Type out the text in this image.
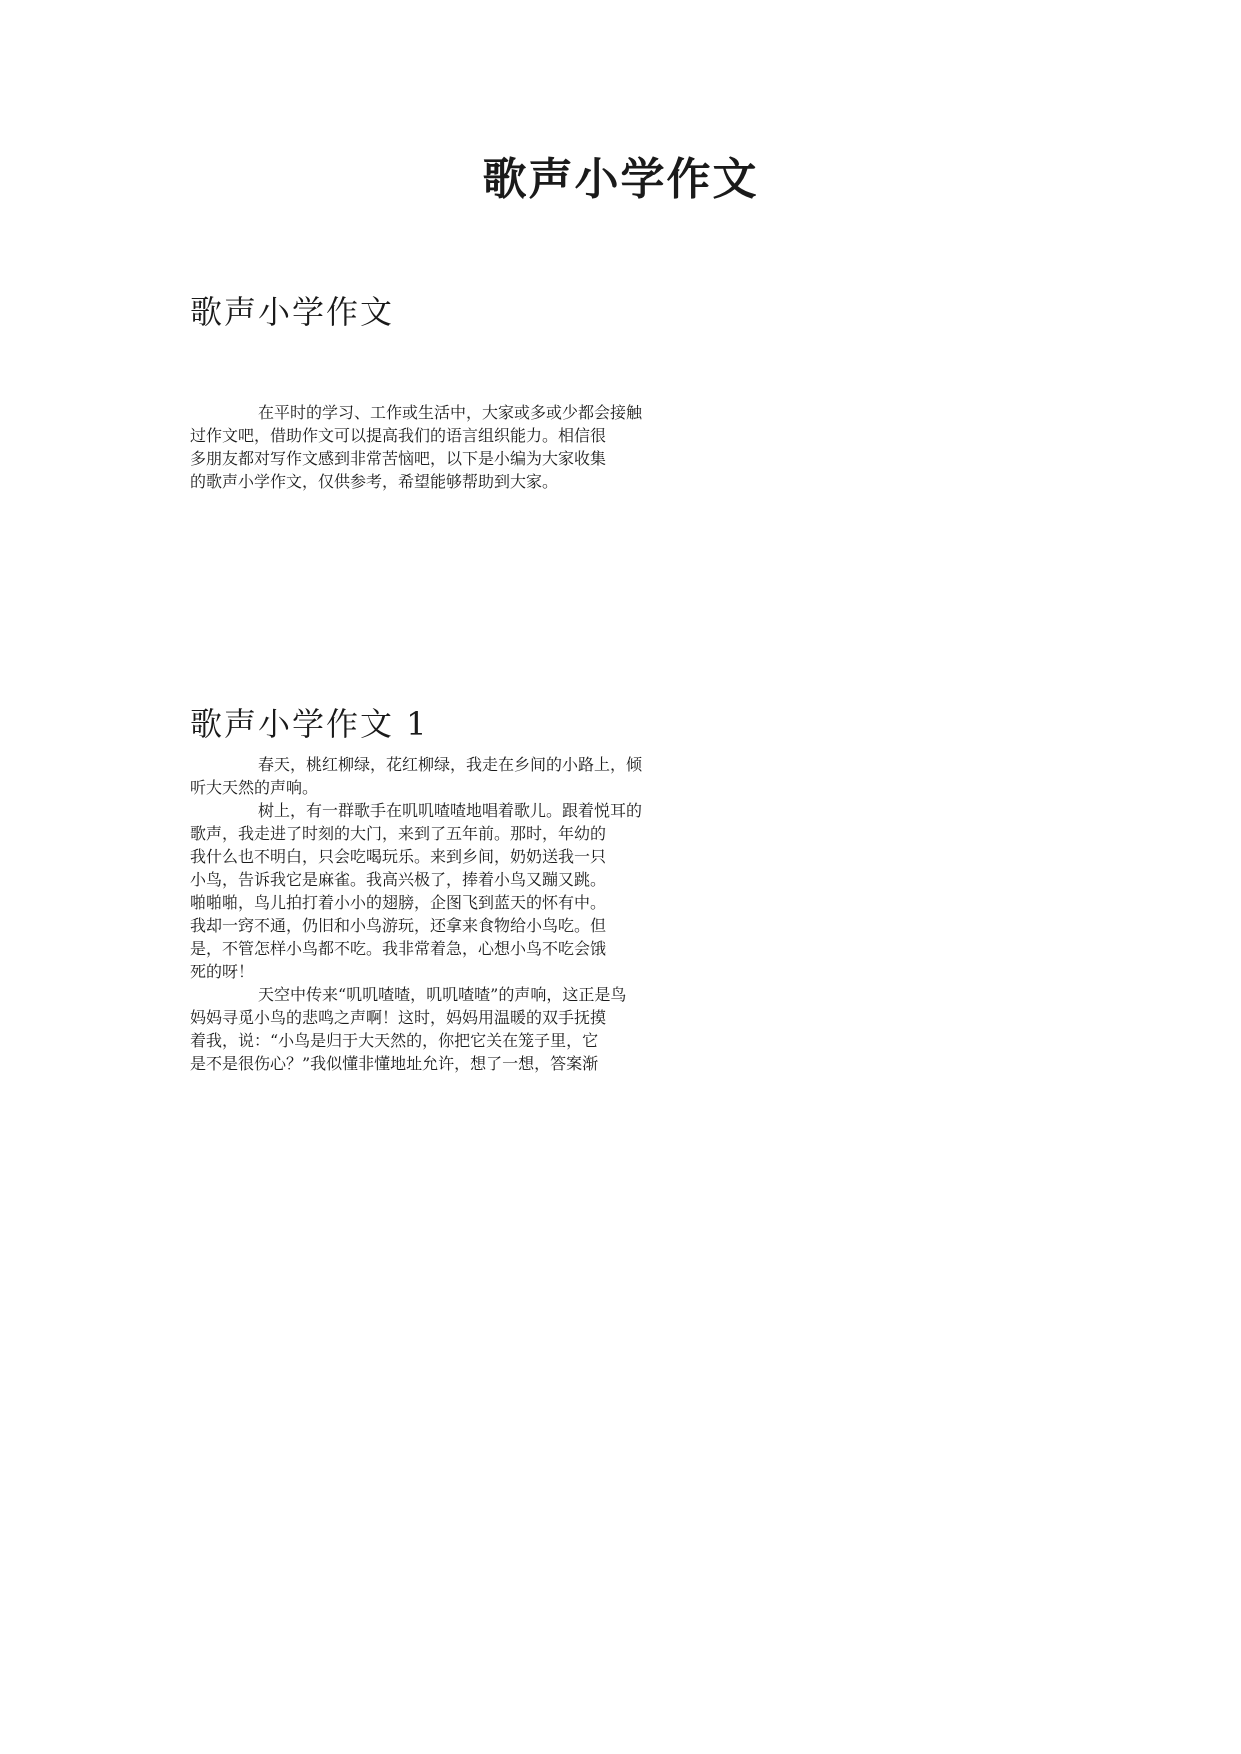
歌声小学作文
歌声小学作文
在平时的学习、工作或生活中，大家或多或少都会接触
过作文吧，借助作文可以提高我们的语言组织能力。相信很
多朋友都对写作文感到非常苦恼吧，以下是小编为大家收集
的歌声小学作文，仅供参考，希望能够帮助到大家。
歌声小学作文 1
春天，桃红柳绿，花红柳绿，我走在乡间的小路上，倾
听大天然的声响。
树上，有一群歌手在叽叽喳喳地唱着歌儿。跟着悦耳的
歌声，我走进了时刻的大门，来到了五年前。那时，年幼的
我什么也不明白，只会吃喝玩乐。来到乡间，奶奶送我一只
小鸟，告诉我它是麻雀。我高兴极了，捧着小鸟又蹦又跳。
啪啪啪，鸟儿拍打着小小的翅膀，企图飞到蓝天的怀有中。
我却一窍不通，仍旧和小鸟游玩，还拿来食物给小鸟吃。但
是，不管怎样小鸟都不吃。我非常着急，心想小鸟不吃会饿
死的呀！
天空中传来“叽叽喳喳，叽叽喳喳”的声响，这正是鸟
妈妈寻觅小鸟的悲鸣之声啊！这时，妈妈用温暖的双手抚摸
着我，说：“小鸟是归于大天然的，你把它关在笼子里，它
是不是很伤心？”我似懂非懂地址允许，想了一想，答案渐
